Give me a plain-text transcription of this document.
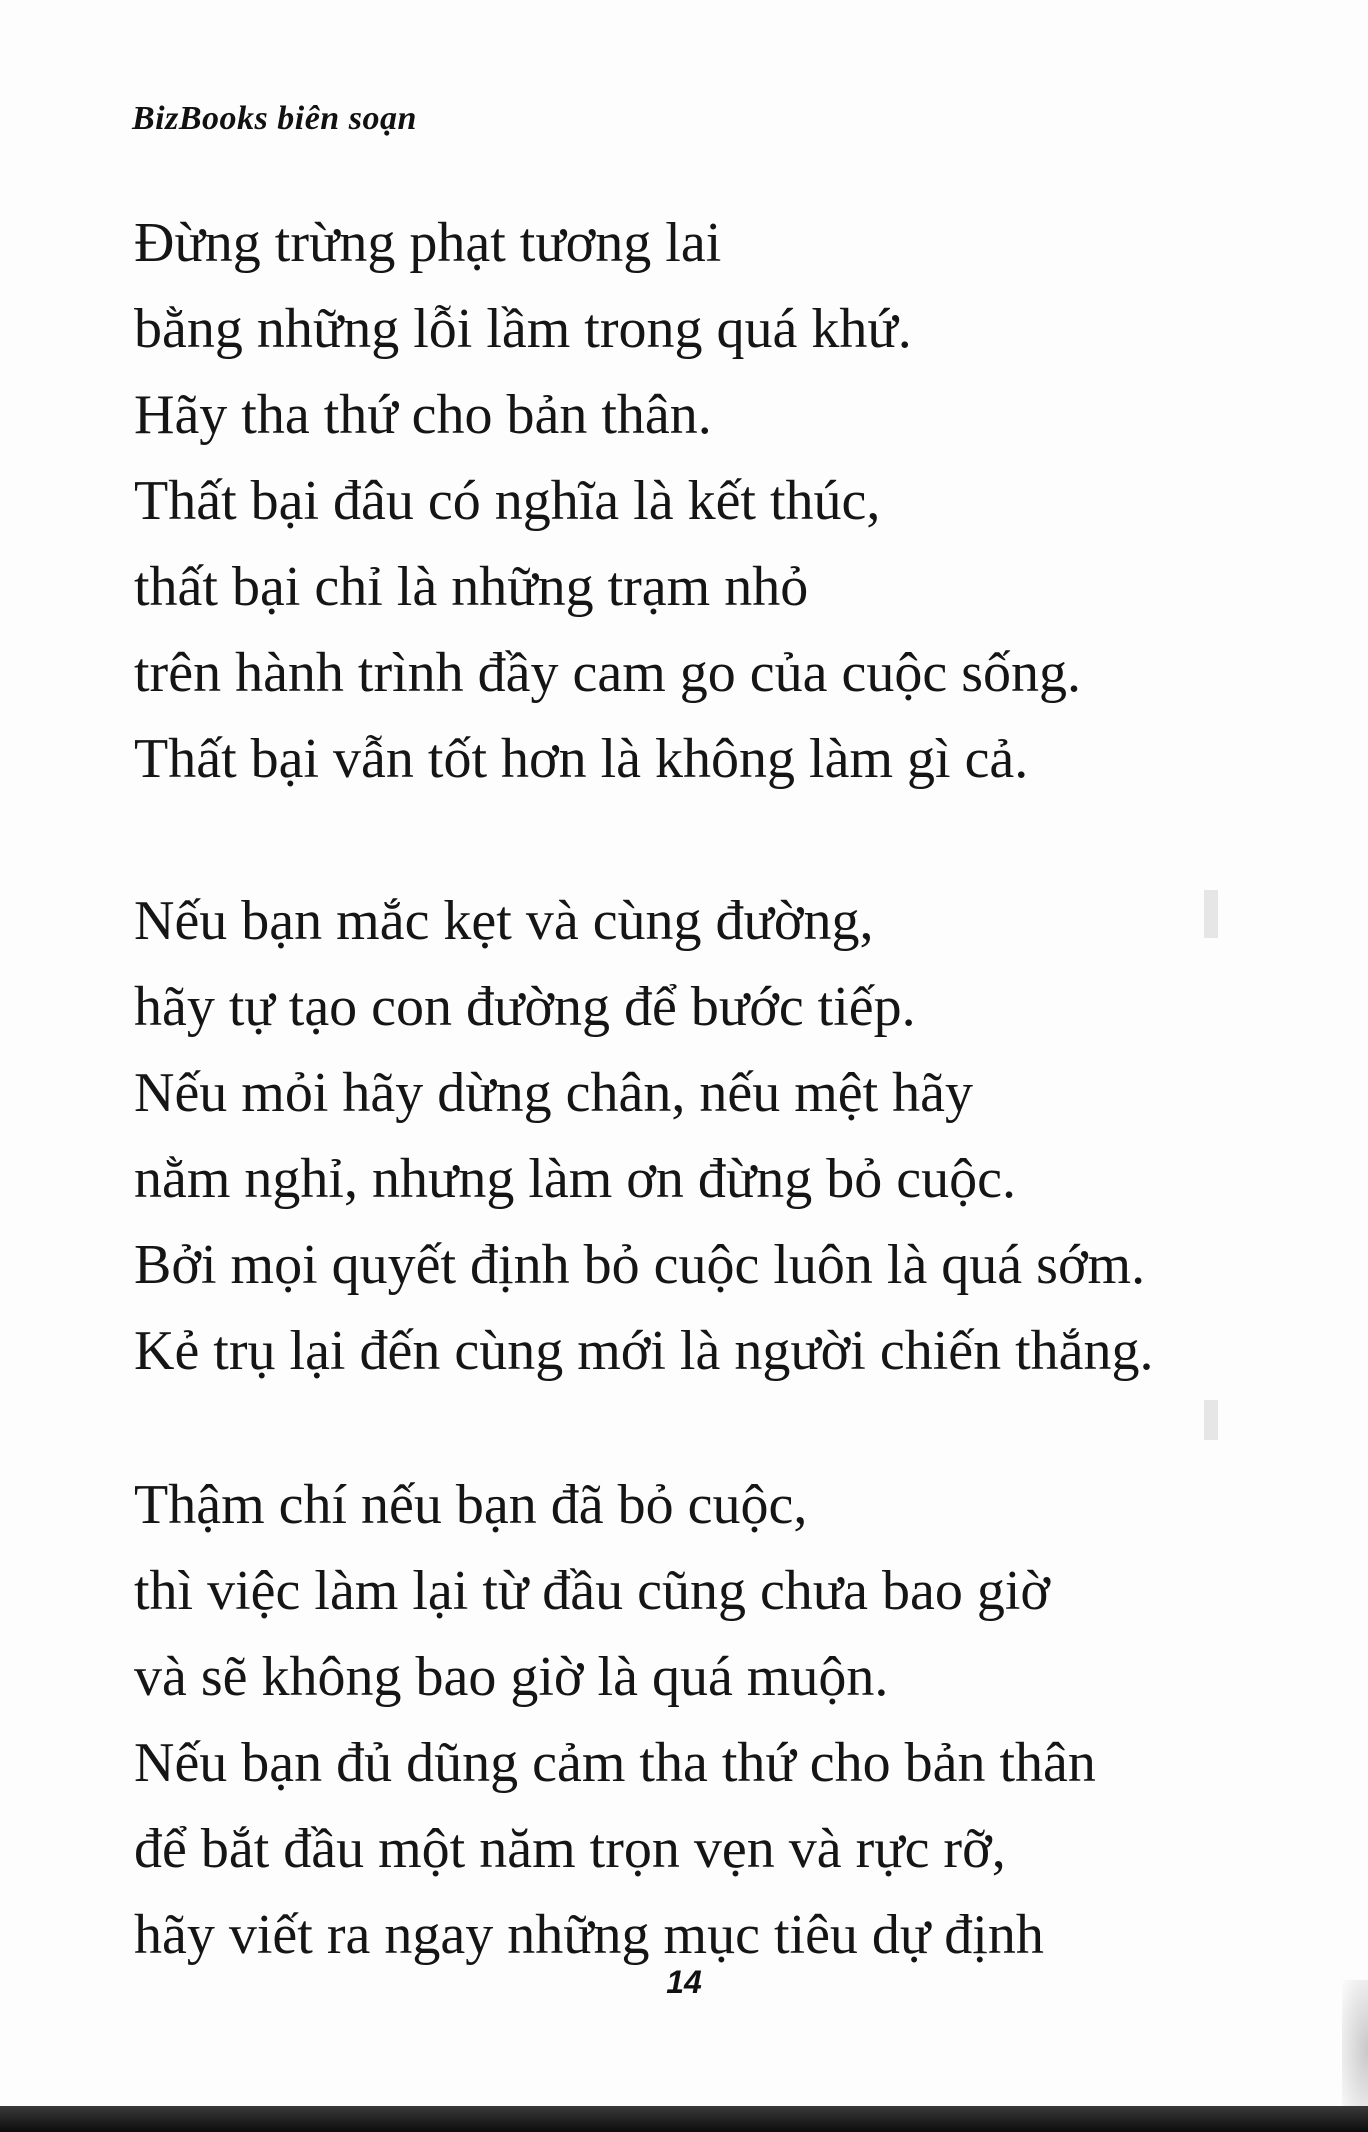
BizBooks biên soạn
Đừng trừng phạt tương lai
bằng những lỗi lầm trong quá khứ.
Hãy tha thứ cho bản thân.
Thất bại đâu có nghĩa là kết thúc,
thất bại chỉ là những trạm nhỏ
trên hành trình đầy cam go của cuộc sống.
Thất bại vẫn tốt hơn là không làm gì cả.
Nếu bạn mắc kẹt và cùng đường,
hãy tự tạo con đường để bước tiếp.
Nếu mỏi hãy dừng chân, nếu mệt hãy
nằm nghỉ, nhưng làm ơn đừng bỏ cuộc.
Bởi mọi quyết định bỏ cuộc luôn là quá sớm.
Kẻ trụ lại đến cùng mới là người chiến thắng.
Thậm chí nếu bạn đã bỏ cuộc,
thì việc làm lại từ đầu cũng chưa bao giờ
và sẽ không bao giờ là quá muộn.
Nếu bạn đủ dũng cảm tha thứ cho bản thân
để bắt đầu một năm trọn vẹn và rực rỡ,
hãy viết ra ngay những mục tiêu dự định
14
